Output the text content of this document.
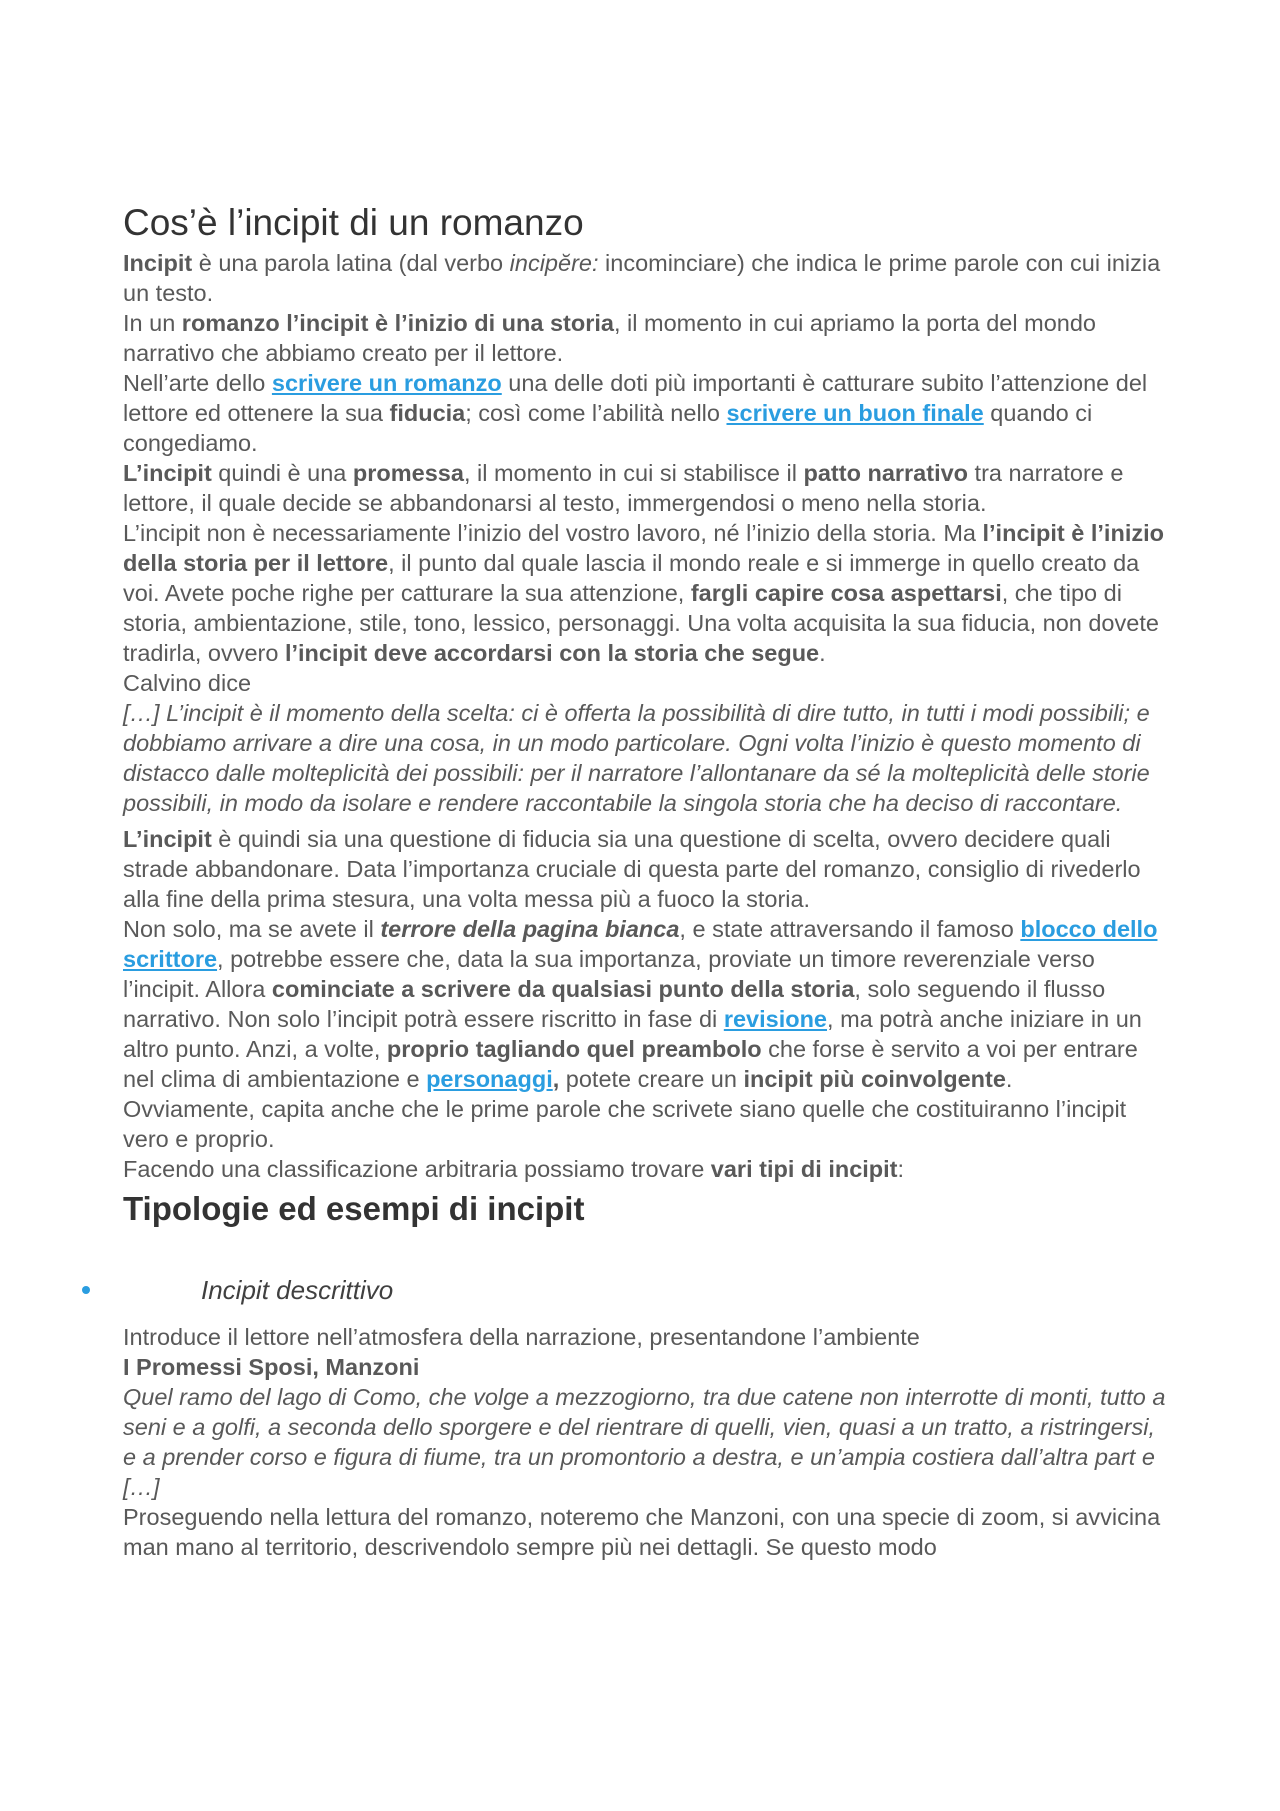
Cos’è l’incipit di un romanzo

Incipit è una parola latina (dal verbo incipĕre: incominciare) che indica le prime parole con cui inizia un testo.

In un romanzo l’incipit è l’inizio di una storia, il momento in cui apriamo la porta del mondo narrativo che abbiamo creato per il lettore.

Nell’arte dello scrivere un romanzo una delle doti più importanti è catturare subito l’attenzione del lettore ed ottenere la sua fiducia; così come l’abilità nello scrivere un buon finale quando ci congediamo.

L’incipit quindi è una promessa, il momento in cui si stabilisce il patto narrativo tra narratore e lettore, il quale decide se abbandonarsi al testo, immergendosi o meno nella storia.

L’incipit non è necessariamente l’inizio del vostro lavoro, né l’inizio della storia. Ma l’incipit è l’inizio della storia per il lettore, il punto dal quale lascia il mondo reale e si immerge in quello creato da voi. Avete poche righe per catturare la sua attenzione, fargli capire cosa aspettarsi, che tipo di storia, ambientazione, stile, tono, lessico, personaggi. Una volta acquisita la sua fiducia, non dovete tradirla, ovvero l’incipit deve accordarsi con la storia che segue.

Calvino dice

[…] L’incipit è il momento della scelta: ci è offerta la possibilità di dire tutto, in tutti i modi possibili; e dobbiamo arrivare a dire una cosa, in un modo particolare. Ogni volta l’inizio è questo momento di distacco dalle molteplicità dei possibili: per il narratore l’allontanare da sé la molteplicità delle storie possibili, in modo da isolare e rendere raccontabile la singola storia che ha deciso di raccontare.

L’incipit è quindi sia una questione di fiducia sia una questione di scelta, ovvero decidere quali strade abbandonare. Data l’importanza cruciale di questa parte del romanzo, consiglio di rivederlo alla fine della prima stesura, una volta messa più a fuoco la storia.

Non solo, ma se avete il terrore della pagina bianca, e state attraversando il famoso blocco dello scrittore, potrebbe essere che, data la sua importanza, proviate un timore reverenziale verso l’incipit. Allora cominciate a scrivere da qualsiasi punto della storia, solo seguendo il flusso narrativo. Non solo l’incipit potrà essere riscritto in fase di revisione, ma potrà anche iniziare in un altro punto. Anzi, a volte, proprio tagliando quel preambolo che forse è servito a voi per entrare nel clima di ambientazione e personaggi, potete creare un incipit più coinvolgente.

Ovviamente, capita anche che le prime parole che scrivete siano quelle che costituiranno l’incipit vero e proprio.

Facendo una classificazione arbitraria possiamo trovare vari tipi di incipit:

Tipologie ed esempi di incipit
Incipit descrittivo

Introduce il lettore nell’atmosfera della narrazione, presentandone l’ambiente

I Promessi Sposi, Manzoni

Quel ramo del lago di Como, che volge a mezzogiorno, tra due catene non interrotte di monti, tutto a seni e a golfi, a seconda dello sporgere e del rientrare di quelli, vien, quasi a un tratto, a ristringersi, e a prender corso e figura di fiume, tra un promontorio a destra, e un’ampia costiera dall’altra part e […]

Proseguendo nella lettura del romanzo, noteremo che Manzoni, con una specie di zoom, si avvicina man mano al territorio, descrivendolo sempre più nei dettagli. Se questo modo
